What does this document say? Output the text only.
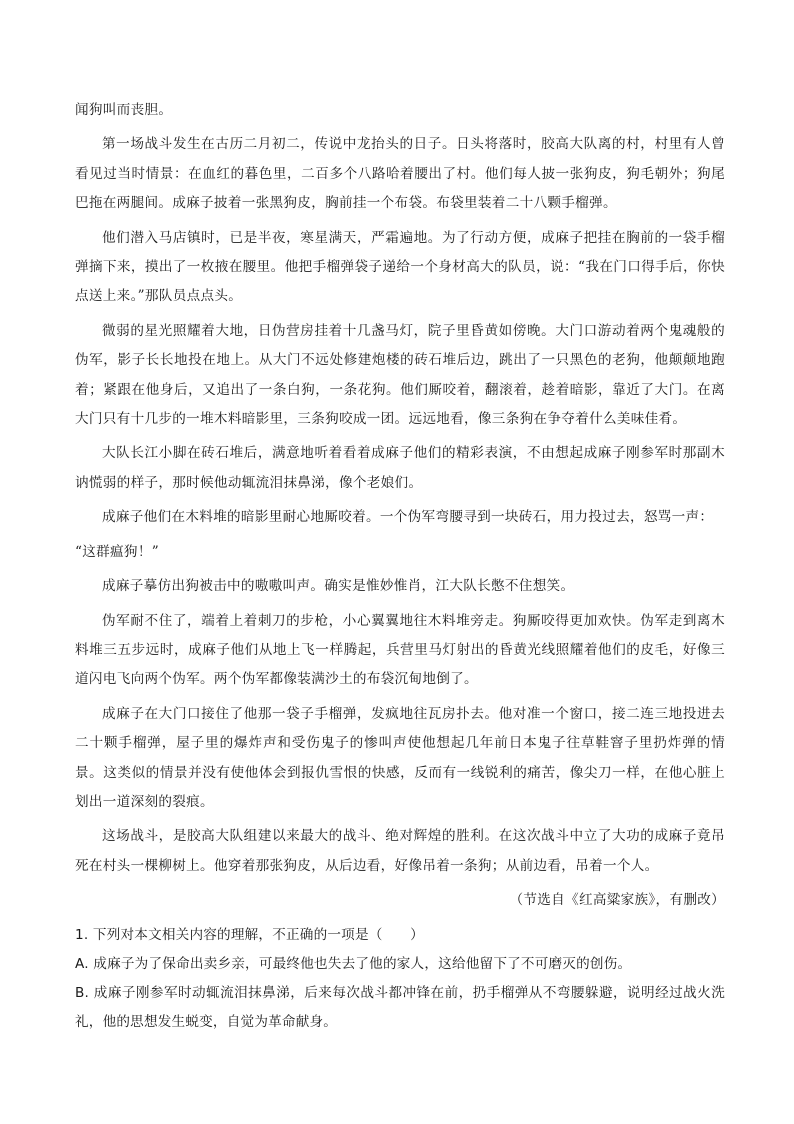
闻狗叫而丧胆。

第一场战斗发生在古历二月初二，传说中龙抬头的日子。日头将落时，胶高大队离的村，村里有人曾看见过当时情景：在血红的暮色里，二百多个八路哈着腰出了村。他们每人披一张狗皮，狗毛朝外；狗尾巴拖在两腿间。成麻子披着一张黑狗皮，胸前挂一个布袋。布袋里装着二十八颗手榴弹。

他们潜入马店镇时，已是半夜，寒星满天，严霜遍地。为了行动方便，成麻子把挂在胸前的一袋手榴弹摘下来，摸出了一枚掖在腰里。他把手榴弹袋子递给一个身材高大的队员，说：“我在门口得手后，你快点送上来。”那队员点点头。

微弱的星光照耀着大地，日伪营房挂着十几盏马灯，院子里昏黄如傍晚。大门口游动着两个鬼魂般的伪军，影子长长地投在地上。从大门不远处修建炮楼的砖石堆后边，跳出了一只黑色的老狗，他颠颠地跑着；紧跟在他身后，又追出了一条白狗，一条花狗。他们厮咬着，翻滚着，趁着暗影，靠近了大门。在离大门只有十几步的一堆木料暗影里，三条狗咬成一团。远远地看，像三条狗在争夺着什么美味佳肴。

大队长江小脚在砖石堆后，满意地听着看着成麻子他们的精彩表演，不由想起成麻子刚参军时那副木讷慌弱的样子，那时候他动辄流泪抹鼻涕，像个老娘们。

成麻子他们在木料堆的暗影里耐心地厮咬着。一个伪军弯腰寻到一块砖石，用力投过去，怒骂一声：

“这群瘟狗！”

成麻子摹仿出狗被击中的嗷嗷叫声。确实是惟妙惟肖，江大队长憋不住想笑。

伪军耐不住了，端着上着刺刀的步枪，小心翼翼地往木料堆旁走。狗厮咬得更加欢快。伪军走到离木料堆三五步远时，成麻子他们从地上飞一样腾起，兵营里马灯射出的昏黄光线照耀着他们的皮毛，好像三道闪电飞向两个伪军。两个伪军都像装满沙土的布袋沉甸地倒了。

成麻子在大门口接住了他那一袋子手榴弹，发疯地往瓦房扑去。他对准一个窗口，接二连三地投进去二十颗手榴弹，屋子里的爆炸声和受伤鬼子的惨叫声使他想起几年前日本鬼子往草鞋窨子里扔炸弹的情景。这类似的情景并没有使他体会到报仇雪恨的快感，反而有一线锐利的痛苦，像尖刀一样，在他心脏上划出一道深刻的裂痕。

这场战斗，是胶高大队组建以来最大的战斗、绝对辉煌的胜利。在这次战斗中立了大功的成麻子竟吊死在村头一棵柳树上。他穿着那张狗皮，从后边看，好像吊着一条狗；从前边看，吊着一个人。

（节选自《红高粱家族》，有删改）

1. 下列对本文相关内容的理解，不正确的一项是（　　）

A. 成麻子为了保命出卖乡亲，可最终他也失去了他的家人，这给他留下了不可磨灭的创伤。

B. 成麻子刚参军时动辄流泪抹鼻涕，后来每次战斗都冲锋在前，扔手榴弹从不弯腰躲避，说明经过战火洗礼，他的思想发生蜕变，自觉为革命献身。
